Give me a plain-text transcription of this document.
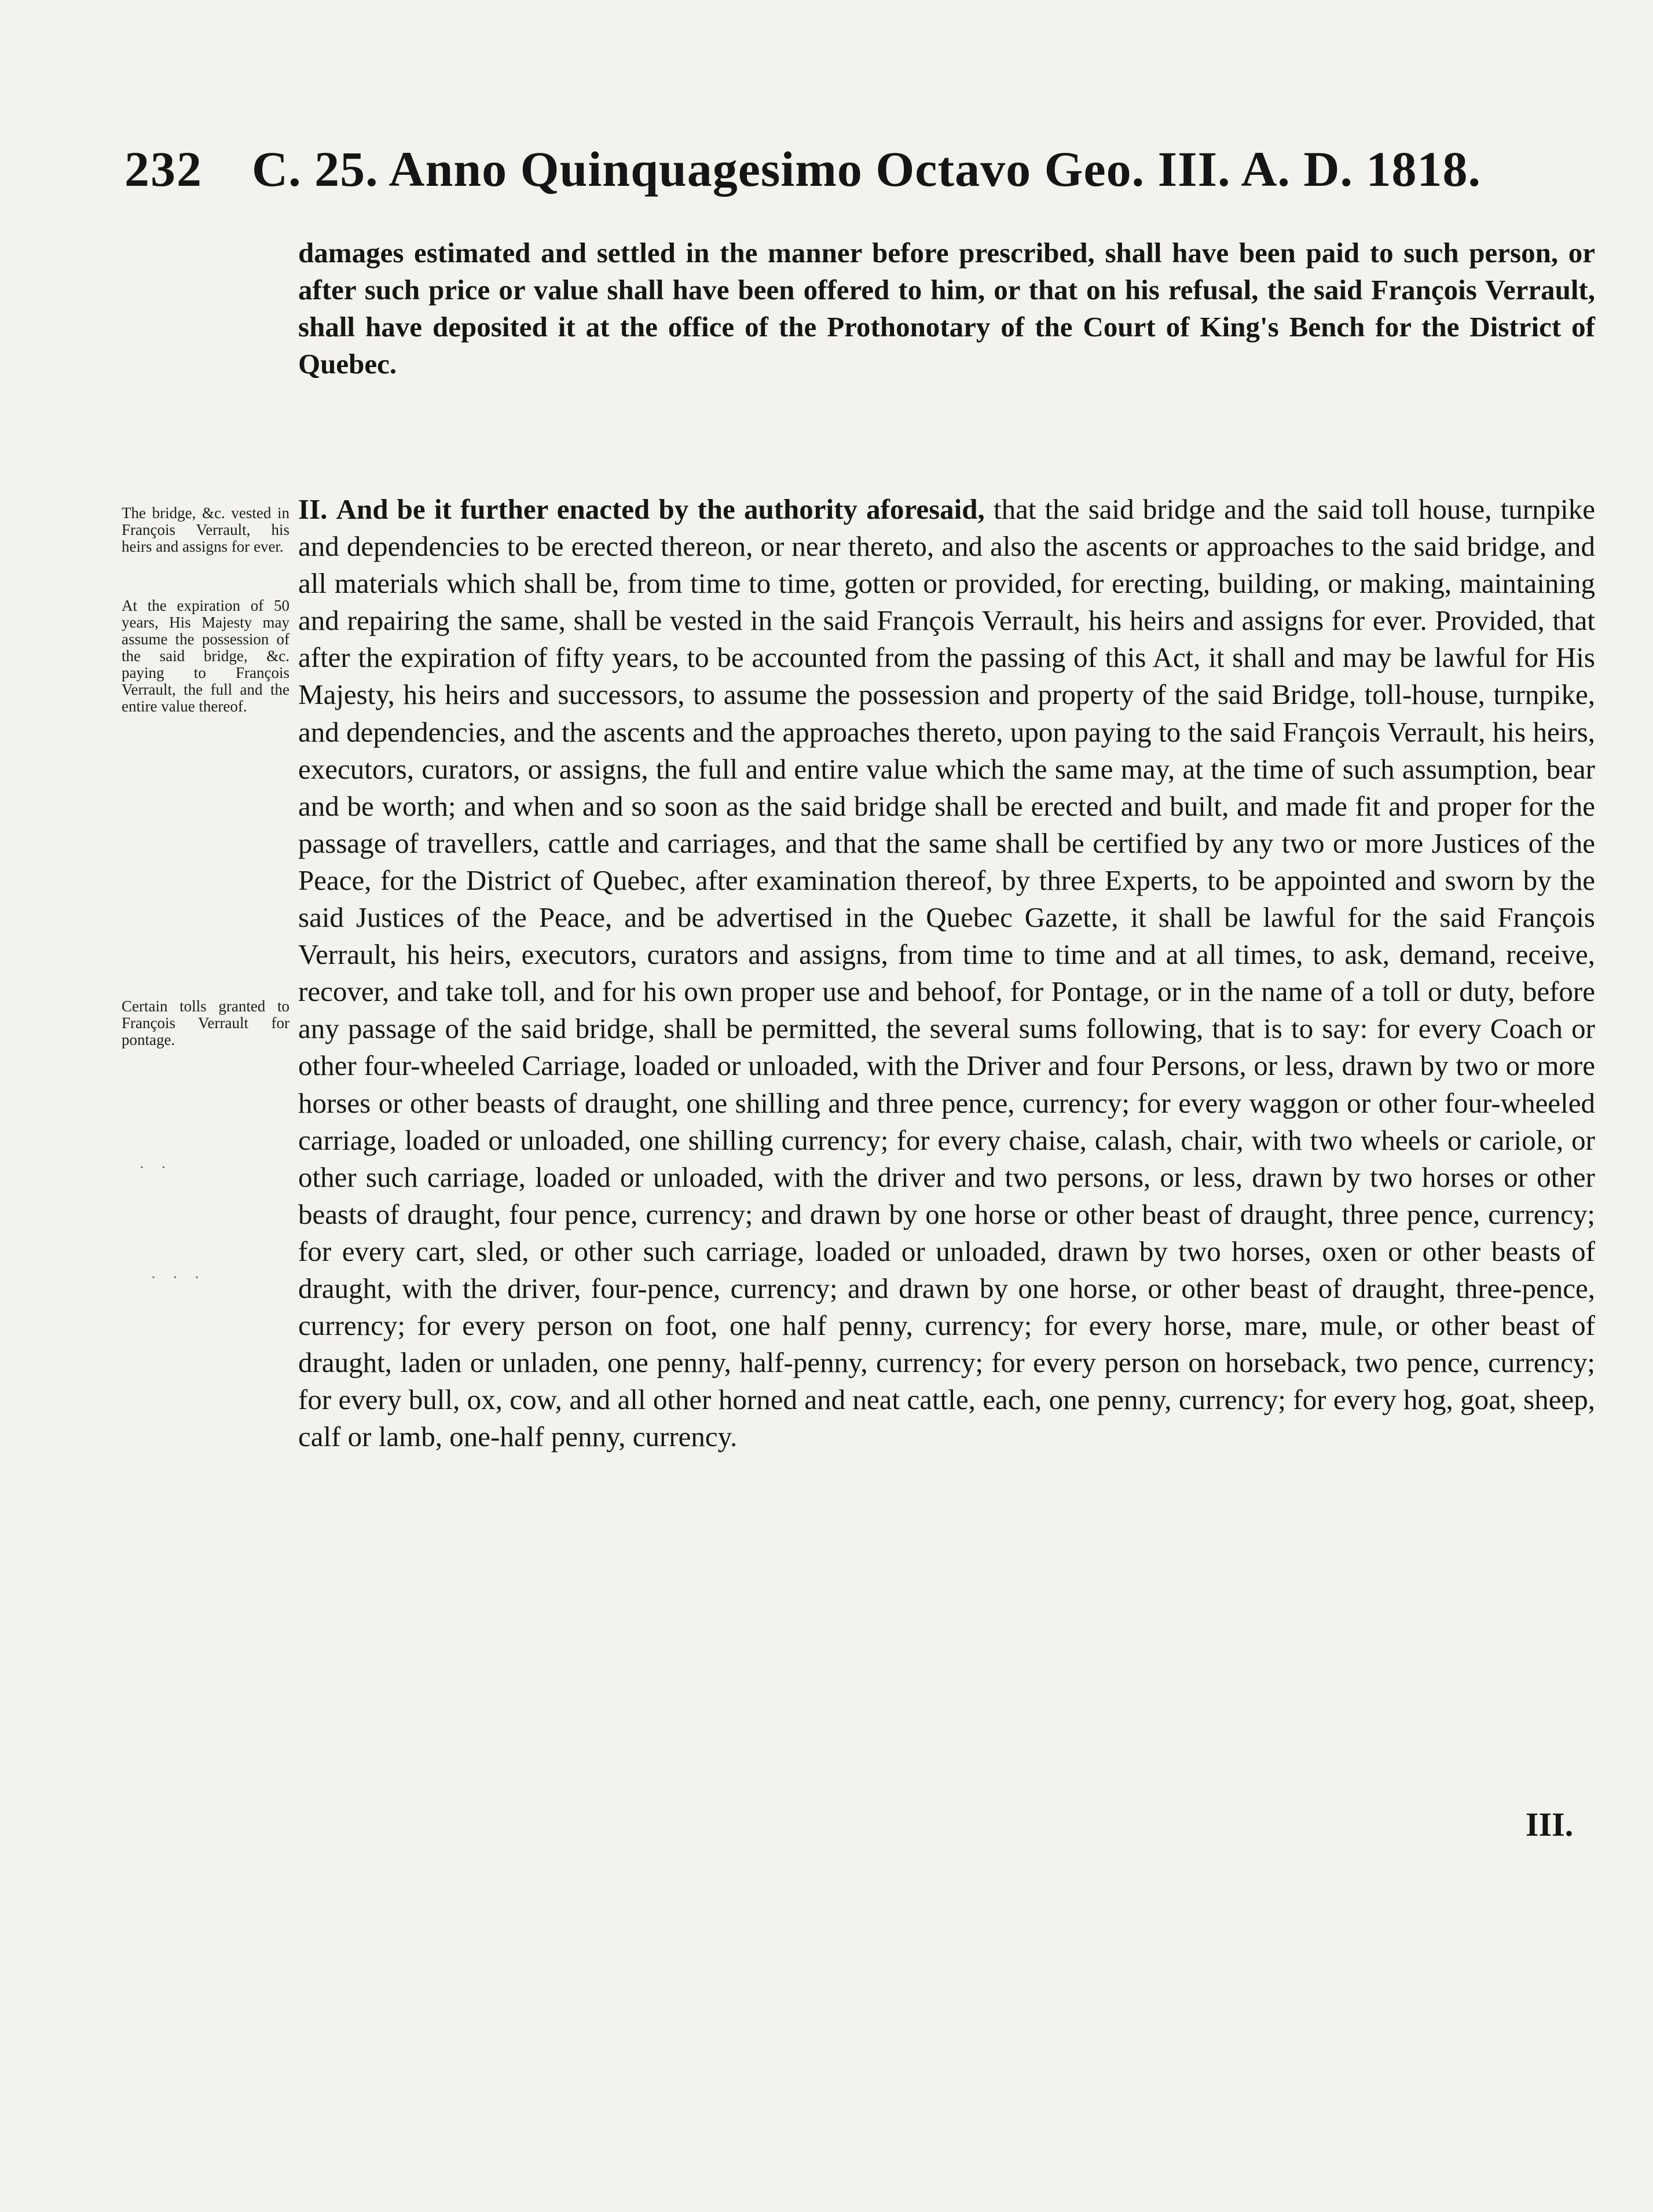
232 C. 25. Anno Quinquagesimo Octavo Geo. III. A. D. 1818.
damages estimated and settled in the manner before prescribed, shall have been paid to such person, or after such price or value shall have been offered to him, or that on his refusal, the said François Verrault, shall have deposited it at the office of the Prothonotary of the Court of King's Bench for the District of Quebec.
The bridge, &c. vested in François Verrault, his heirs and assigns for ever.
At the expiration of 50 years, His Majesty may assume the possession of the said bridge, &c. paying to François Verrault, the full and the entire value thereof.
Certain tolls granted to François Verrault for pontage.
II. And be it further enacted by the authority aforesaid, that the said bridge and the said toll house, turnpike and dependencies to be erected thereon, or near thereto, and also the ascents or approaches to the said bridge, and all materials which shall be, from time to time, gotten or provided, for erecting, building, or making, maintaining and repairing the same, shall be vested in the said François Verrault, his heirs and assigns for ever. Provided, that after the expiration of fifty years, to be accounted from the passing of this Act, it shall and may be lawful for His Majesty, his heirs and successors, to assume the possession and property of the said Bridge, toll-house, turnpike, and dependencies, and the ascents and the approaches thereto, upon paying to the said François Verrault, his heirs, executors, curators, or assigns, the full and entire value which the same may, at the time of such assumption, bear and be worth; and when and so soon as the said bridge shall be erected and built, and made fit and proper for the passage of travellers, cattle and carriages, and that the same shall be certified by any two or more Justices of the Peace, for the District of Quebec, after examination thereof, by three Experts, to be appointed and sworn by the said Justices of the Peace, and be advertised in the Quebec Gazette, it shall be lawful for the said François Verrault, his heirs, executors, curators and assigns, from time to time and at all times, to ask, demand, receive, recover, and take toll, and for his own proper use and behoof, for Pontage, or in the name of a toll or duty, before any passage of the said bridge, shall be permitted, the several sums following, that is to say: for every Coach or other four-wheeled Carriage, loaded or unloaded, with the Driver and four Persons, or less, drawn by two or more horses or other beasts of draught, one shilling and three pence, currency; for every waggon or other four-wheeled carriage, loaded or unloaded, one shilling currency; for every chaise, calash, chair, with two wheels or cariole, or other such carriage, loaded or unloaded, with the driver and two persons, or less, drawn by two horses or other beasts of draught, four pence, currency; and drawn by one horse or other beast of draught, three pence, currency; for every cart, sled, or other such carriage, loaded or unloaded, drawn by two horses, oxen or other beasts of draught, with the driver, four-pence, currency; and drawn by one horse, or other beast of draught, three-pence, currency; for every person on foot, one half penny, currency; for every horse, mare, mule, or other beast of draught, laden or unladen, one penny, half-penny, currency; for every person on horseback, two pence, currency; for every bull, ox, cow, and all other horned and neat cattle, each, one penny, currency; for every hog, goat, sheep, calf or lamb, one-half penny, currency.
III.
· ·
· · ·
